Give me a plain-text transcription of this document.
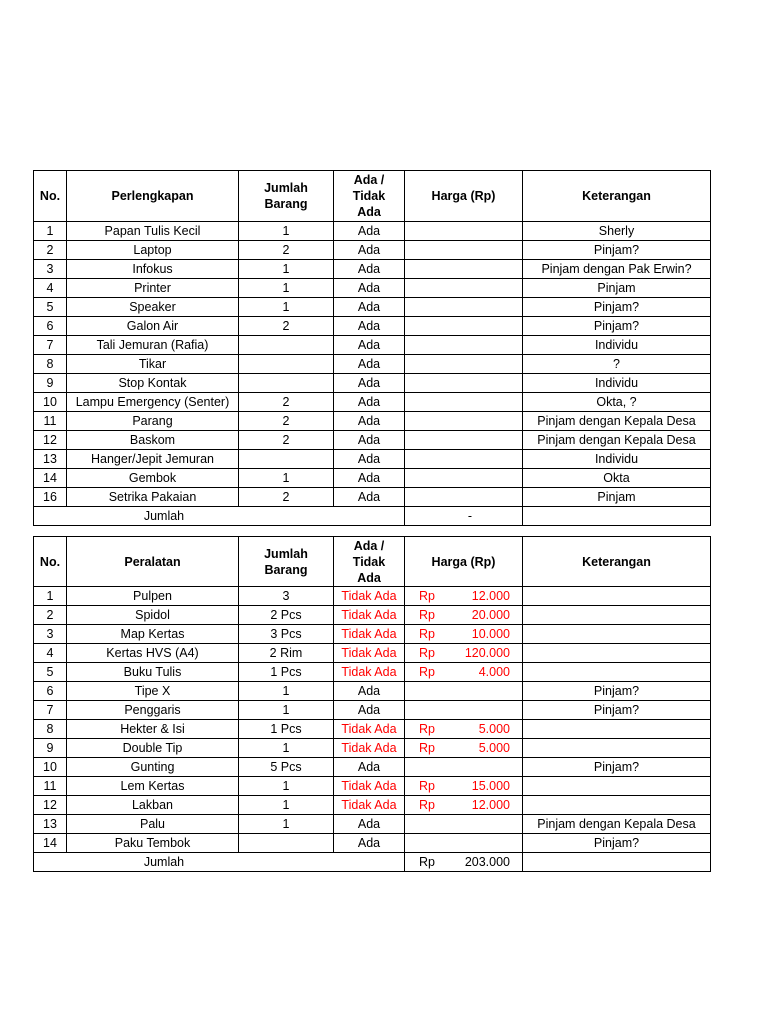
No.	Perlengkapan	Jumlah Barang	Ada / Tidak Ada	Harga (Rp)	Keterangan
1	Papan Tulis Kecil	1	Ada		Sherly
2	Laptop	2	Ada		Pinjam?
3	Infokus	1	Ada		Pinjam dengan Pak Erwin?
4	Printer	1	Ada		Pinjam
5	Speaker	1	Ada		Pinjam?
6	Galon Air	2	Ada		Pinjam?
7	Tali Jemuran (Rafia)		Ada		Individu
8	Tikar		Ada		?
9	Stop Kontak		Ada		Individu
10	Lampu Emergency (Senter)	2	Ada		Okta, ?
11	Parang	2	Ada		Pinjam dengan Kepala Desa
12	Baskom	2	Ada		Pinjam dengan Kepala Desa
13	Hanger/Jepit Jemuran		Ada		Individu
14	Gembok	1	Ada		Okta
16	Setrika Pakaian	2	Ada		Pinjam
Jumlah				-	

No.	Peralatan	Jumlah Barang	Ada / Tidak Ada	Harga (Rp)	Keterangan
1	Pulpen	3	Tidak Ada	Rp 12.000	

2	Spidol	2 Pcs	Tidak Ada	Rp 20.000	

3	Map Kertas	3 Pcs	Tidak Ada	Rp 10.000	

4	Kertas HVS (A4)	2 Rim	Tidak Ada	Rp 120.000	

5	Buku Tulis	1 Pcs	Tidak Ada	Rp 4.000	

6	Tipe X	1	Ada		Pinjam?
7	Penggaris	1	Ada		Pinjam?
8	Hekter & Isi	1 Pcs	Tidak Ada	Rp 5.000	

9	Double Tip	1	Tidak Ada	Rp 5.000	

10	Gunting	5 Pcs	Ada		Pinjam?
11	Lem Kertas	1	Tidak Ada	Rp 15.000	

12	Lakban	1	Tidak Ada	Rp 12.000	

13	Palu	1	Ada		Pinjam dengan Kepala Desa
14	Paku Tembok		Ada		Pinjam?
Jumlah				Rp 203.000	
